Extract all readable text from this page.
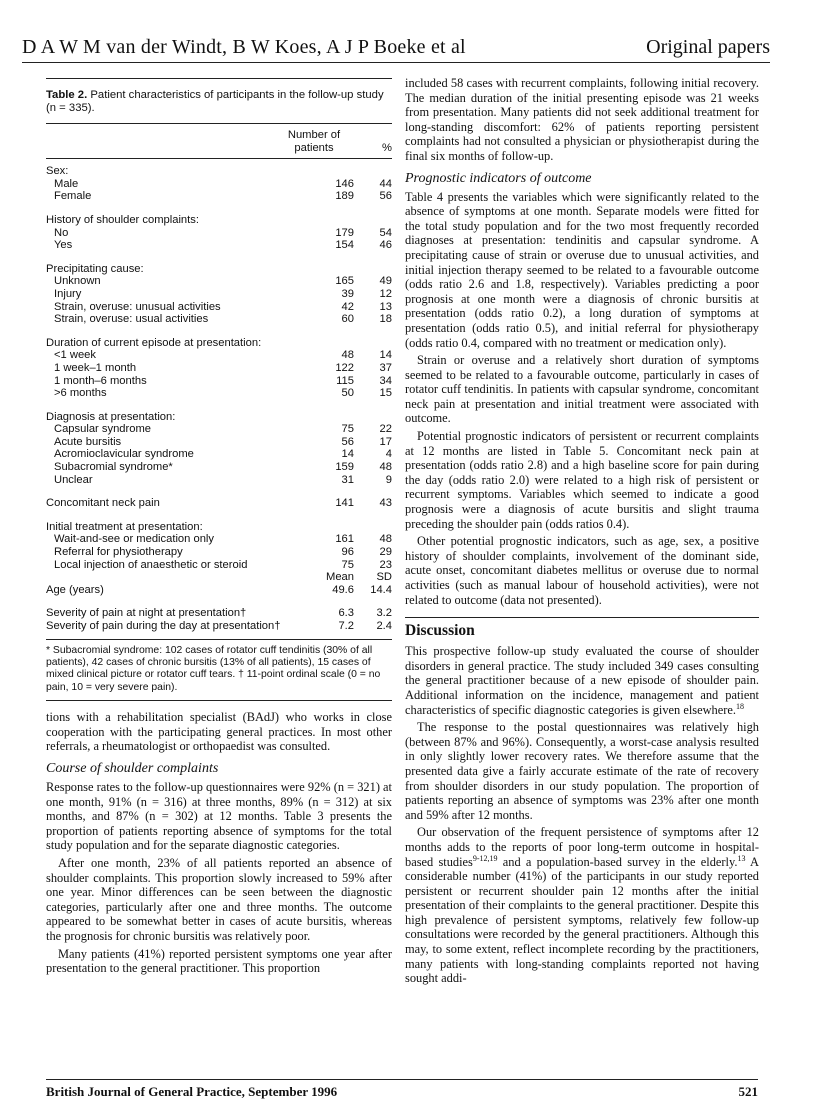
D A W M van der Windt, B W Koes, A J P Boeke et al	Original papers
Table 2. Patient characteristics of participants in the follow-up study (n = 335).
Number of patients	%
Sex:
Male	146	44
Female	189	56
History of shoulder complaints:
No	179	54
Yes	154	46
Precipitating cause:
Unknown	165	49
Injury	39	12
Strain, overuse: unusual activities	42	13
Strain, overuse: usual activities	60	18
Duration of current episode at presentation:
<1 week	48	14
1 week–1 month	122	37
1 month–6 months	115	34
>6 months	50	15
Diagnosis at presentation:
Capsular syndrome	75	22
Acute bursitis	56	17
Acromioclavicular syndrome	14	4
Subacromial syndrome*	159	48
Unclear	31	9
Concomitant neck pain	141	43
Initial treatment at presentation:
Wait-and-see or medication only	161	48
Referral for physiotherapy	96	29
Local injection of anaesthetic or steroid	75	23
Mean	SD
Age (years)	49.6	14.4
Severity of pain at night at presentation†	6.3	3.2
Severity of pain during the day at presentation†	7.2	2.4
* Subacromial syndrome: 102 cases of rotator cuff tendinitis (30% of all patients), 42 cases of chronic bursitis (13% of all patients), 15 cases of mixed clinical picture or rotator cuff tears. † 11-point ordinal scale (0 = no pain, 10 = very severe pain).

tions with a rehabilitation specialist (BAdJ) who works in close cooperation with the participating general practices. In most other referrals, a rheumatologist or orthopaedist was consulted.

Course of shoulder complaints

Response rates to the follow-up questionnaires were 92% (n = 321) at one month, 91% (n = 316) at three months, 89% (n = 312) at six months, and 87% (n = 302) at 12 months. Table 3 presents the proportion of patients reporting absence of symptoms for the total study population and for the separate diagnostic categories.

After one month, 23% of all patients reported an absence of shoulder complaints. This proportion slowly increased to 59% after one year. Minor differences can be seen between the diagnostic categories, particularly after one and three months. The outcome appeared to be somewhat better in cases of acute bursitis, whereas the prognosis for chronic bursitis was relatively poor.

Many patients (41%) reported persistent symptoms one year after presentation to the general practitioner. This proportion

included 58 cases with recurrent complaints, following initial recovery. The median duration of the initial presenting episode was 21 weeks from presentation. Many patients did not seek additional treatment for long-standing discomfort: 62% of patients reporting persistent complaints had not consulted a physician or physiotherapist during the final six months of follow-up.

Prognostic indicators of outcome

Table 4 presents the variables which were significantly related to the absence of symptoms at one month. Separate models were fitted for the total study population and for the two most frequently recorded diagnoses at presentation: tendinitis and capsular syndrome. A precipitating cause of strain or overuse due to unusual activities, and initial injection therapy seemed to be related to a favourable outcome (odds ratio 2.6 and 1.8, respectively). Variables predicting a poor prognosis at one month were a diagnosis of chronic bursitis at presentation (odds ratio 0.2), a long duration of symptoms at presentation (odds ratio 0.5), and initial referral for physiotherapy (odds ratio 0.4, compared with no treatment or medication only).

Strain or overuse and a relatively short duration of symptoms seemed to be related to a favourable outcome, particularly in cases of rotator cuff tendinitis. In patients with capsular syndrome, concomitant neck pain at presentation and initial treatment were associated with outcome.

Potential prognostic indicators of persistent or recurrent complaints at 12 months are listed in Table 5. Concomitant neck pain at presentation (odds ratio 2.8) and a high baseline score for pain during the day (odds ratio 2.0) were related to a high risk of persistent or recurrent symptoms. Variables which seemed to indicate a good prognosis were a diagnosis of acute bursitis and slight trauma preceding the shoulder pain (odds ratios 0.4).

Other potential prognostic indicators, such as age, sex, a positive history of shoulder complaints, involvement of the dominant side, acute onset, concomitant diabetes mellitus or overuse due to normal activities (such as manual labour of household activities), were not related to outcome (data not presented).

Discussion

This prospective follow-up study evaluated the course of shoulder disorders in general practice. The study included 349 cases consulting the general practitioner because of a new episode of shoulder pain. Additional information on the incidence, management and patient characteristics of specific diagnostic categories is given elsewhere.$^{18}$

The response to the postal questionnaires was relatively high (between 87% and 96%). Consequently, a worst-case analysis resulted in only slightly lower recovery rates. We therefore assume that the presented data give a fairly accurate estimate of the rate of recovery from shoulder disorders in our study population. The proportion of patients reporting an absence of symptoms was 23% after one month and 59% after 12 months.

Our observation of the frequent persistence of symptoms after 12 months adds to the reports of poor long-term outcome in hospital-based studies$^{9-12,19}$ and a population-based survey in the elderly.$^{13}$ A considerable number (41%) of the participants in our study reported persistent or recurrent shoulder pain 12 months after the initial presentation of their complaints to the general practitioner. Despite this high prevalence of persistent symptoms, relatively few follow-up consultations were recorded by the general practitioners. Although this may, to some extent, reflect incomplete recording by the practitioners, many patients with long-standing complaints reported not having sought addi-

British Journal of General Practice, September 1996	521
